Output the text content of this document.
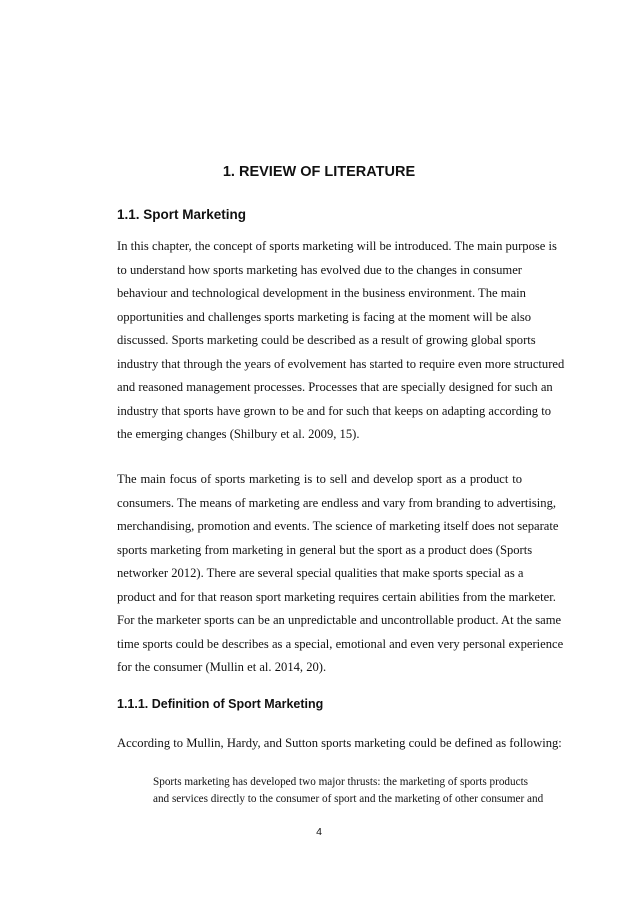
1. REVIEW OF LITERATURE
1.1. Sport Marketing
In this chapter, the concept of sports marketing will be introduced. The main purpose is
to understand how sports marketing has evolved due to the changes in consumer
behaviour and technological development in the business environment. The main
opportunities and challenges sports marketing is facing at the moment will be also
discussed. Sports marketing could be described as a result of growing global sports
industry that through the years of evolvement has started to require even more structured
and reasoned management processes. Processes that are specially designed for such an
industry that sports have grown to be and for such that keeps on adapting according to
the emerging changes (Shilbury et al. 2009, 15).
The main focus of sports marketing is to sell and develop sport as a product to
consumers. The means of marketing are endless and vary from branding to advertising,
merchandising, promotion and events. The science of marketing itself does not separate
sports marketing from marketing in general but the sport as a product does (Sports
networker 2012). There are several special qualities that make sports special as a
product and for that reason sport marketing requires certain abilities from the marketer.
For the marketer sports can be an unpredictable and uncontrollable product. At the same
time sports could be describes as a special, emotional and even very personal experience
for the consumer (Mullin et al. 2014, 20).
1.1.1. Definition of Sport Marketing
According to Mullin, Hardy, and Sutton sports marketing could be defined as following:
Sports marketing has developed two major thrusts: the marketing of sports products
and services directly to the consumer of sport and the marketing of other consumer and
4
